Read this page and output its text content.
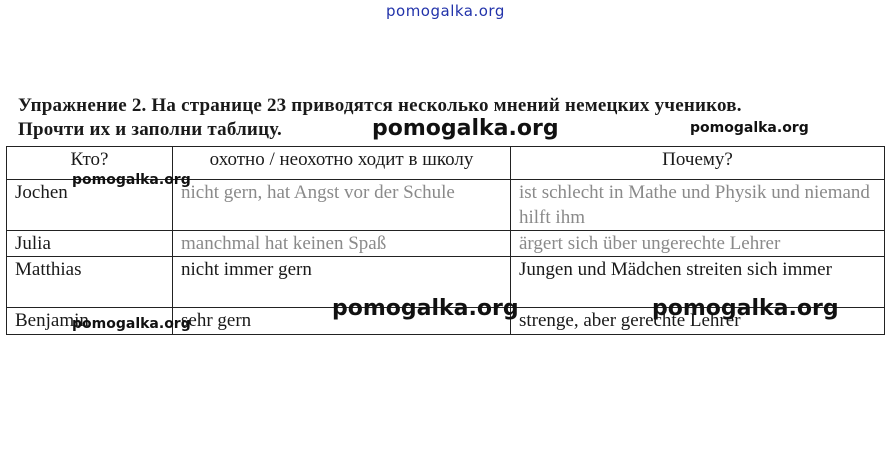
pomogalka.org

Упражнение 2. На странице 23 приводятся несколько мнений немецких учеников.

Прочти их и заполни таблицу.

Кто?	охотно / неохотно ходит в школу	Почему?
Jochen	nicht gern, hat Angst vor der Schule	ist schlecht in Mathe und Physik und niemand hilft ihm
Julia	manchmal hat keinen Spaß	ärgert sich über ungerechte Lehrer
Matthias	nicht immer gern	Jungen und Mädchen streiten sich immer
Benjamin	sehr gern	strenge, aber gerechte Lehrer
pomogalka.org	pomogalka.org
pomogalka.org
pomogalka.org	pomogalka.org
pomogalka.org
